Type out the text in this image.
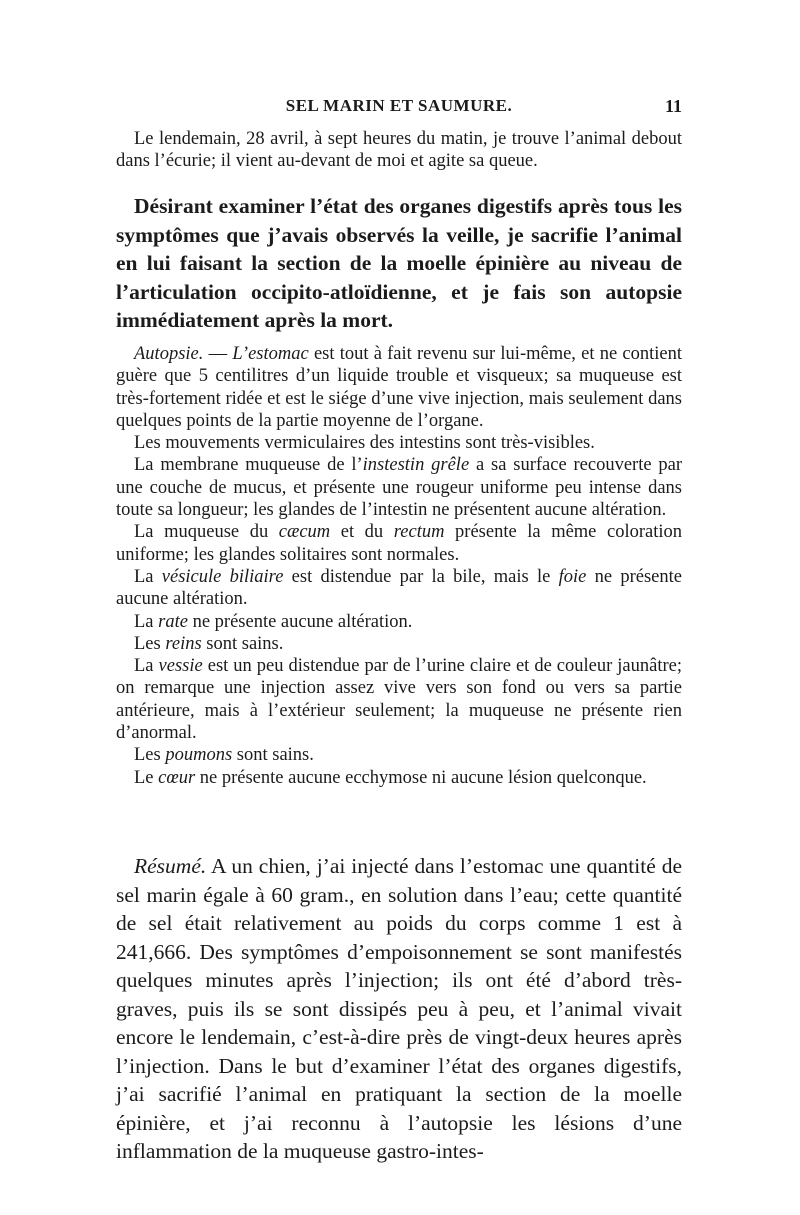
SEL MARIN ET SAUMURE.	11

Le lendemain, 28 avril, à sept heures du matin, je trouve l’animal debout dans l’écurie; il vient au-devant de moi et agite sa queue.

Désirant examiner l’état des organes digestifs après tous les symptômes que j’avais observés la veille, je sacrifie l’animal en lui faisant la section de la moelle épinière au niveau de l’articulation occipito-atloïdienne, et je fais son autopsie immédiatement après la mort.

Autopsie. — L’estomac est tout à fait revenu sur lui-même, et ne contient guère que 5 centilitres d’un liquide trouble et visqueux; sa muqueuse est très-fortement ridée et est le siége d’une vive injection, mais seulement dans quelques points de la partie moyenne de l’organe.

Les mouvements vermiculaires des intestins sont très-visibles.

La membrane muqueuse de l’instestin grêle a sa surface recouverte par une couche de mucus, et présente une rougeur uniforme peu intense dans toute sa longueur; les glandes de l’intestin ne présentent aucune altération.

La muqueuse du cæcum et du rectum présente la même coloration uniforme; les glandes solitaires sont normales.

La vésicule biliaire est distendue par la bile, mais le foie ne présente aucune altération.

La rate ne présente aucune altération.

Les reins sont sains.

La vessie est un peu distendue par de l’urine claire et de couleur jaunâtre; on remarque une injection assez vive vers son fond ou vers sa partie antérieure, mais à l’extérieur seulement; la muqueuse ne présente rien d’anormal.

Les poumons sont sains.

Le cœur ne présente aucune ecchymose ni aucune lésion quelconque.

Résumé. A un chien, j’ai injecté dans l’estomac une quantité de sel marin égale à 60 gram., en solution dans l’eau; cette quantité de sel était relativement au poids du corps comme 1 est à 241,666. Des symptômes d’empoisonnement se sont manifestés quelques minutes après l’injection; ils ont été d’abord très-graves, puis ils se sont dissipés peu à peu, et l’animal vivait encore le lendemain, c’est-à-dire près de vingt-deux heures après l’injection. Dans le but d’examiner l’état des organes digestifs, j’ai sacrifié l’animal en pratiquant la section de la moelle épinière, et j’ai reconnu à l’autopsie les lésions d’une inflammation de la muqueuse gastro-intes-
